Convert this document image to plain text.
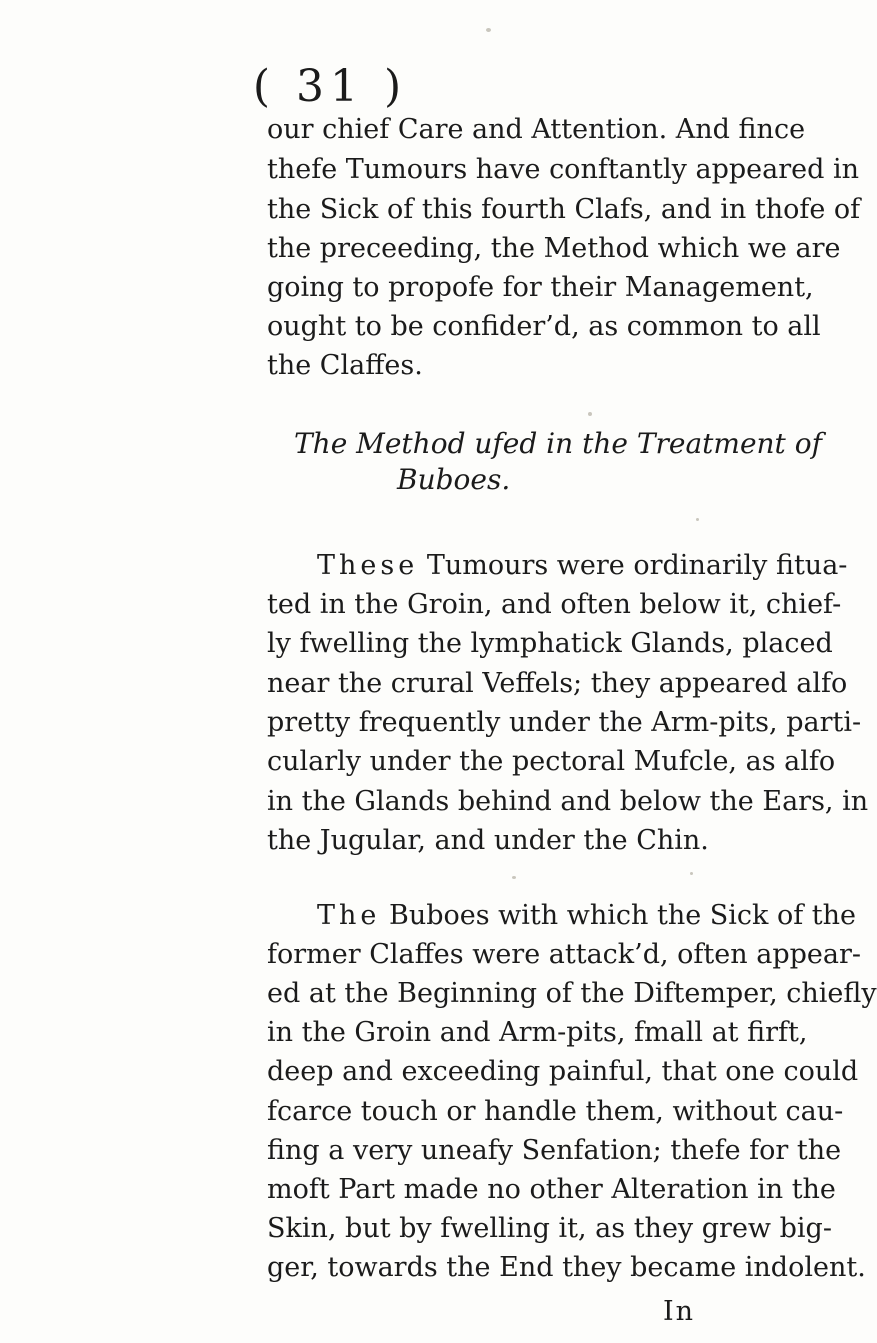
( 31 )
our chief Care and Attention. And fince
thefe Tumours have conftantly appeared in
the Sick of this fourth Clafs, and in thofe of
the preceeding, the Method which we are
going to propofe for their Management,
ought to be confider’d, as common to all
the Claffes.
The Method ufed in the Treatment of
Buboes.
These Tumours were ordinarily fitua-
ted in the Groin, and often below it, chief-
ly fwelling the lymphatick Glands, placed
near the crural Veffels; they appeared alfo
pretty frequently under the Arm-pits, parti-
cularly under the pectoral Mufcle, as alfo
in the Glands behind and below the Ears, in
the Jugular, and under the Chin.
The Buboes with which the Sick of the
former Claffes were attack’d, often appear-
ed at the Beginning of the Diftemper, chiefly
in the Groin and Arm-pits, fmall at firft,
deep and exceeding painful, that one could
fcarce touch or handle them, without cau-
fing a very uneafy Senfation; thefe for the
moft Part made no other Alteration in the
Skin, but by fwelling it, as they grew big-
ger, towards the End they became indolent.
In
